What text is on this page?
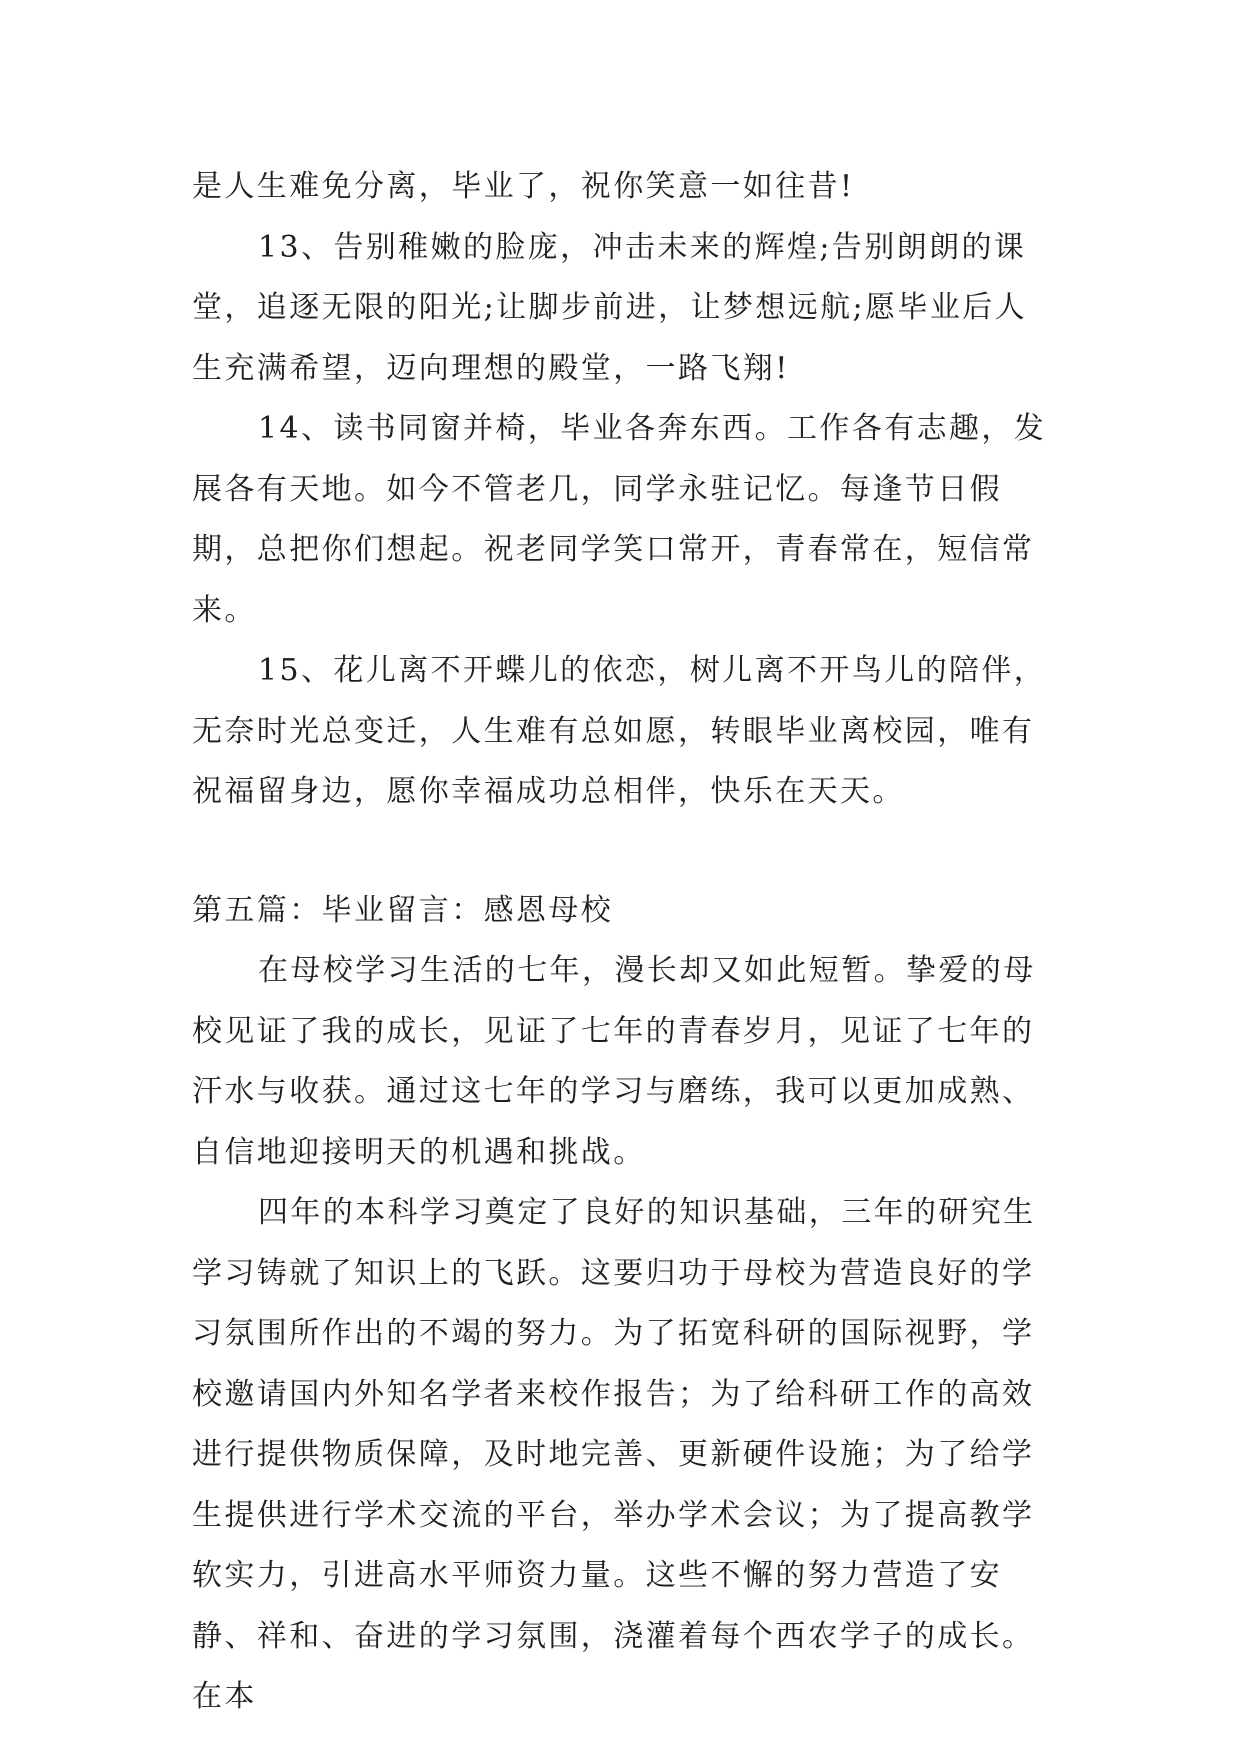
是人生难免分离，毕业了，祝你笑意一如往昔!

13、告别稚嫩的脸庞，冲击未来的辉煌;告别朗朗的课堂，追逐无限的阳光;让脚步前进，让梦想远航;愿毕业后人生充满希望，迈向理想的殿堂，一路飞翔!

14、读书同窗并椅，毕业各奔东西。工作各有志趣，发展各有天地。如今不管老几，同学永驻记忆。每逢节日假期，总把你们想起。祝老同学笑口常开，青春常在，短信常来。

15、花儿离不开蝶儿的依恋，树儿离不开鸟儿的陪伴，无奈时光总变迁，人生难有总如愿，转眼毕业离校园，唯有祝福留身边，愿你幸福成功总相伴，快乐在天天。

第五篇：毕业留言：感恩母校

在母校学习生活的七年，漫长却又如此短暂。挚爱的母校见证了我的成长，见证了七年的青春岁月，见证了七年的汗水与收获。通过这七年的学习与磨练，我可以更加成熟、自信地迎接明天的机遇和挑战。

四年的本科学习奠定了良好的知识基础，三年的研究生学习铸就了知识上的飞跃。这要归功于母校为营造良好的学习氛围所作出的不竭的努力。为了拓宽科研的国际视野，学校邀请国内外知名学者来校作报告；为了给科研工作的高效进行提供物质保障，及时地完善、更新硬件设施；为了给学生提供进行学术交流的平台，举办学术会议；为了提高教学软实力，引进高水平师资力量。这些不懈的努力营造了安静、祥和、奋进的学习氛围，浇灌着每个西农学子的成长。在本
